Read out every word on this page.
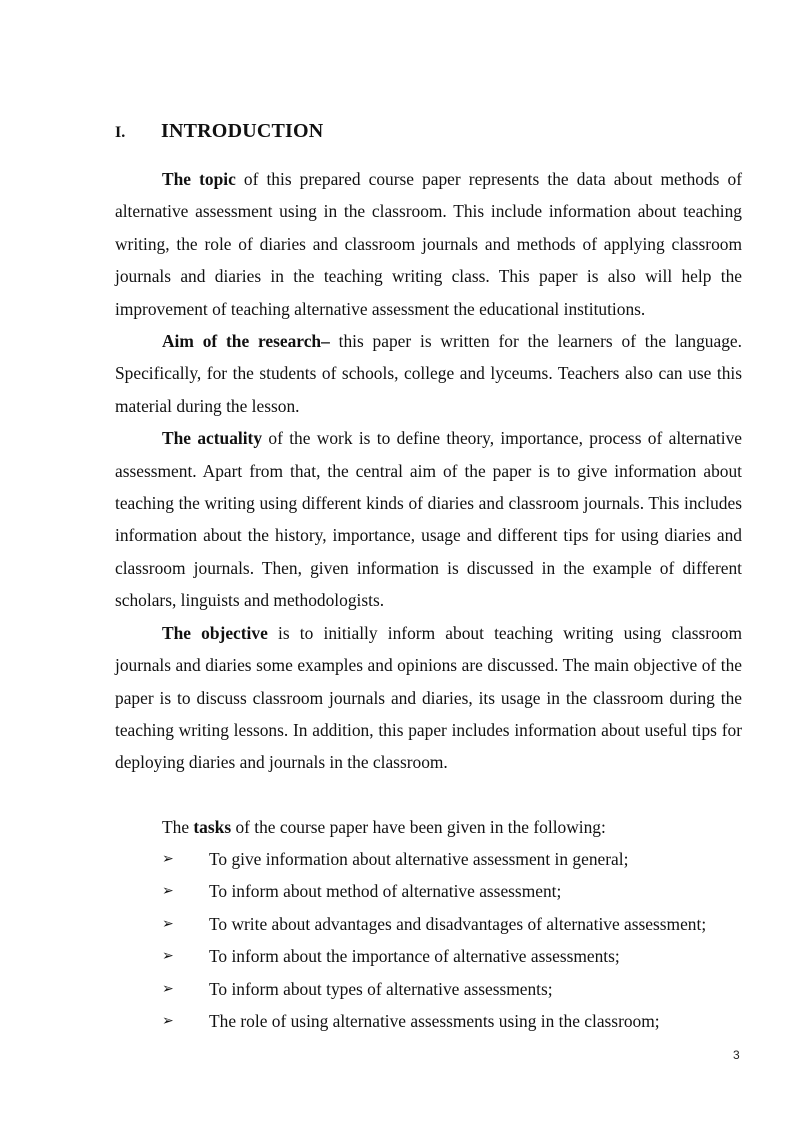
I.	INTRODUCTION

The topic of this prepared course paper represents the data about methods of alternative assessment using in the classroom. This include information about teaching writing, the role of diaries and classroom journals and methods of applying classroom journals and diaries in the teaching writing class. This paper is also will help the improvement of teaching alternative assessment the educational institutions.

Aim of the research– this paper is written for the learners of the language. Specifically, for the students of schools, college and lyceums. Teachers also can use this material during the lesson.

The actuality of the work is to define theory, importance, process of alternative assessment. Apart from that, the central aim of the paper is to give information about teaching the writing using different kinds of diaries and classroom journals. This includes information about the history, importance, usage and different tips for using diaries and classroom journals. Then, given information is discussed in the example of different scholars, linguists and methodologists.

The objective is to initially inform about teaching writing using classroom journals and diaries some examples and opinions are discussed. The main objective of the paper is to discuss classroom journals and diaries, its usage in the classroom during the teaching writing lessons. In addition, this paper includes information about useful tips for deploying diaries and journals in the classroom.

The tasks of the course paper have been given in the following:
➢	To give information about alternative assessment in general;
➢	To inform about method of alternative assessment;
➢	To write about advantages and disadvantages of alternative assessment;
➢	To inform about the importance of alternative assessments;
➢	To inform about types of alternative assessments;
➢	The role of using alternative assessments using in the classroom;
3
